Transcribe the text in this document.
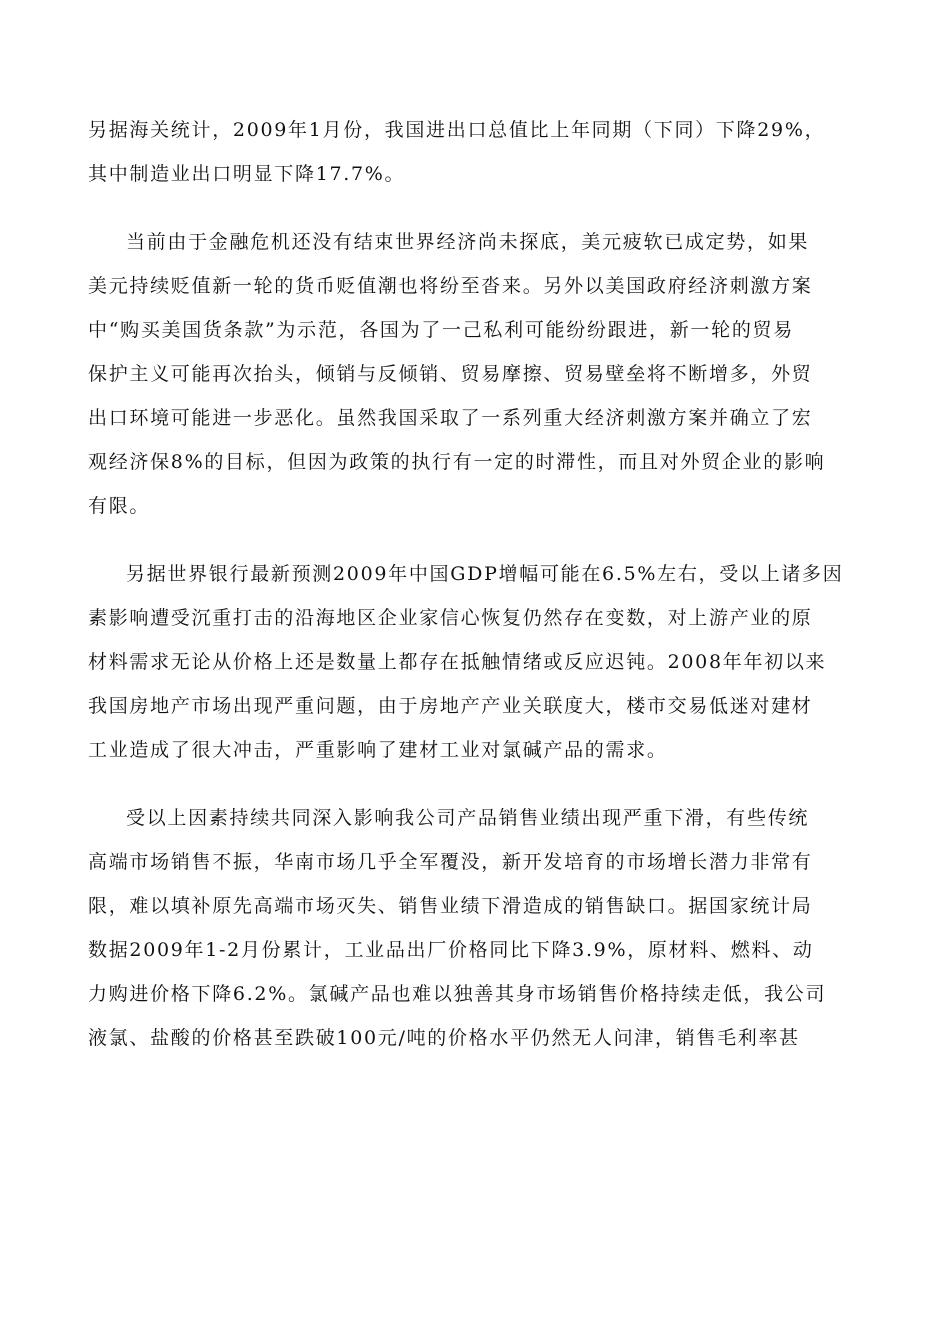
另据海关统计，2009年1月份，我国进出口总值比上年同期（下同）下降29%，
其中制造业出口明显下降17.7%。
当前由于金融危机还没有结束世界经济尚未探底，美元疲软已成定势，如果
美元持续贬值新一轮的货币贬值潮也将纷至沓来。另外以美国政府经济刺激方案
中“购买美国货条款”为示范，各国为了一己私利可能纷纷跟进，新一轮的贸易
保护主义可能再次抬头，倾销与反倾销、贸易摩擦、贸易壁垒将不断增多，外贸
出口环境可能进一步恶化。虽然我国采取了一系列重大经济刺激方案并确立了宏
观经济保8%的目标，但因为政策的执行有一定的时滞性，而且对外贸企业的影响
有限。
另据世界银行最新预测2009年中国GDP增幅可能在6.5%左右，受以上诸多因
素影响遭受沉重打击的沿海地区企业家信心恢复仍然存在变数，对上游产业的原
材料需求无论从价格上还是数量上都存在抵触情绪或反应迟钝。2008年年初以来
我国房地产市场出现严重问题，由于房地产产业关联度大，楼市交易低迷对建材
工业造成了很大冲击，严重影响了建材工业对氯碱产品的需求。
受以上因素持续共同深入影响我公司产品销售业绩出现严重下滑，有些传统
高端市场销售不振，华南市场几乎全军覆没，新开发培育的市场增长潜力非常有
限，难以填补原先高端市场灭失、销售业绩下滑造成的销售缺口。据国家统计局
数据2009年1-2月份累计，工业品出厂价格同比下降3.9%，原材料、燃料、动
力购进价格下降6.2%。氯碱产品也难以独善其身市场销售价格持续走低，我公司
液氯、盐酸的价格甚至跌破100元/吨的价格水平仍然无人问津，销售毛利率甚
